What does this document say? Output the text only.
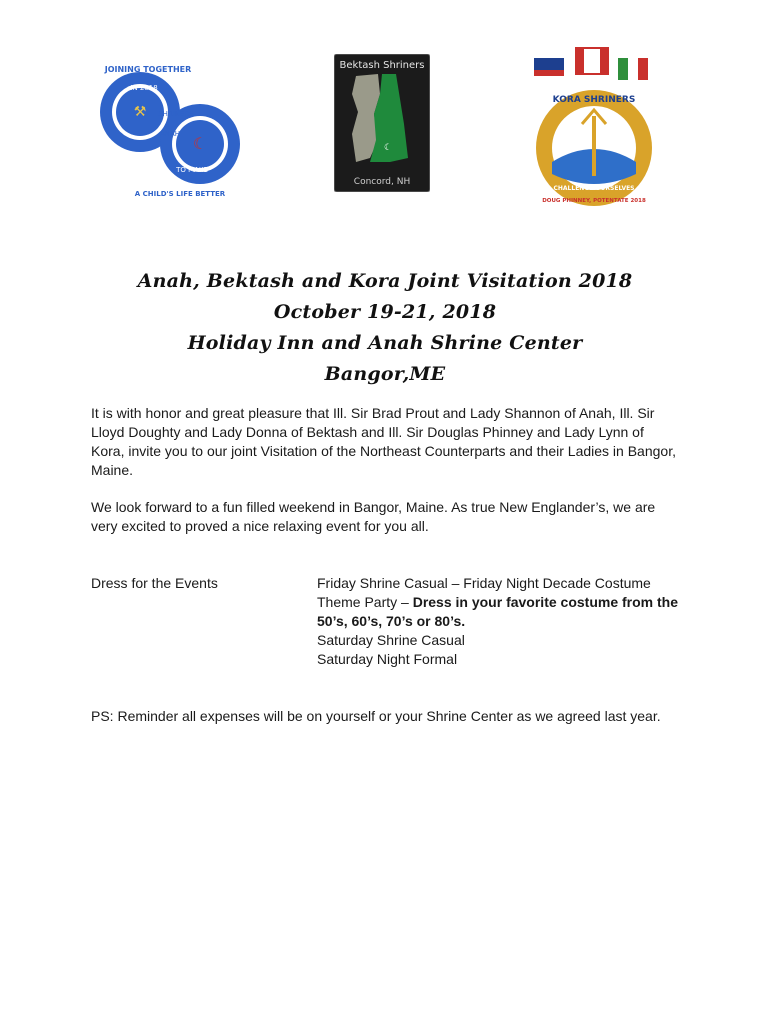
⚒
☾
JOINING TOGETHER
IN 2018
SHRINERS
ANAH
TO MAKE
A CHILD'S LIFE BETTER
Bektash Shriners
☾
Concord, NH
KORA SHRINERS
CHALLENGE OURSELVES
DOUG PHINNEY, POTENTATE 2018
Anah, Bektash and Kora Joint Visitation 2018
October 19-21, 2018
Holiday Inn and Anah Shrine Center
Bangor,ME
It is with honor and great pleasure that Ill. Sir Brad Prout and Lady Shannon of Anah, Ill. Sir Lloyd Doughty and Lady Donna of Bektash and Ill. Sir Douglas Phinney and Lady Lynn of Kora, invite you to our joint Visitation of the Northeast Counterparts and their Ladies in Bangor, Maine.
We look forward to a fun filled weekend in Bangor, Maine. As true New Englander’s, we are very excited to proved a nice relaxing event for you all.
Dress for the Events	Friday Shrine Casual – Friday Night Decade Costume
Theme Party – Dress in your favorite costume from the
50’s, 60’s, 70’s or 80’s.
Saturday Shrine Casual
Saturday Night Formal
PS: Reminder all expenses will be on yourself or your Shrine Center as we agreed last year.
